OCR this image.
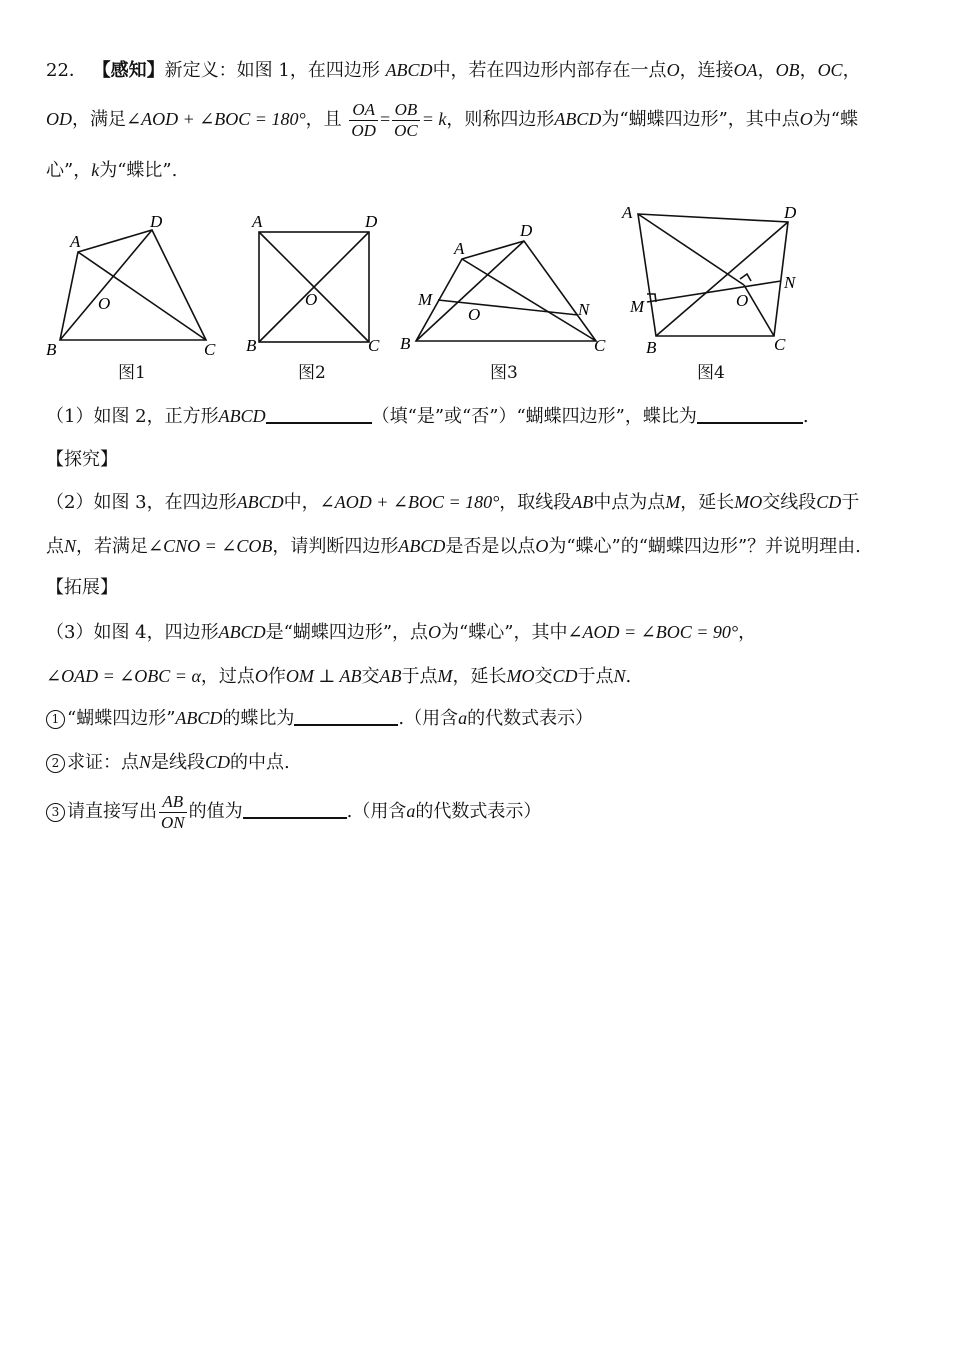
22． 【感知】新定义：如图 1，在四边形 ABCD中，若在四边形内部存在一点O，连接OA，OB，OC，
OD，满足∠AOD + ∠BOC = 180°，且 $\frac{OA}{OD} = \frac{OB}{OC} = k$，则称四边形ABCD为“蝴蝶四边形”，其中点O为“蝶
心”，k为“蝶比”.
A
D
B	C
O
图1
A	D
B	C
O
图2
A
D
M
B	C
O	N
图3
A	D
M
N
O
B	C
图4
（1）如图 2，正方形ABCD	（填“是”或“否”）“蝴蝶四边形”，蝶比为	.
【探究】
（2）如图 3，在四边形ABCD中，∠AOD + ∠BOC = 180°，取线段AB中点为点M，延长MO交线段CD于
点N，若满足∠CNO = ∠COB，请判断四边形ABCD是否是以点O为“蝶心”的“蝴蝶四边形”？并说明理由.
【拓展】
（3）如图 4，四边形ABCD是“蝴蝶四边形”，点O为“蝶心”，其中∠AOD = ∠BOC = 90°，
∠OAD = ∠OBC = α，过点O作OM ⊥ AB交AB于点M，延长MO交CD于点N.
1 “蝴蝶四边形”ABCD的蝶比为	.（用含a的代数式表示）
2 求证：点N是线段CD的中点.
3 请直接写出 $\frac{AB}{ON}$ 的值为	.（用含a的代数式表示）
